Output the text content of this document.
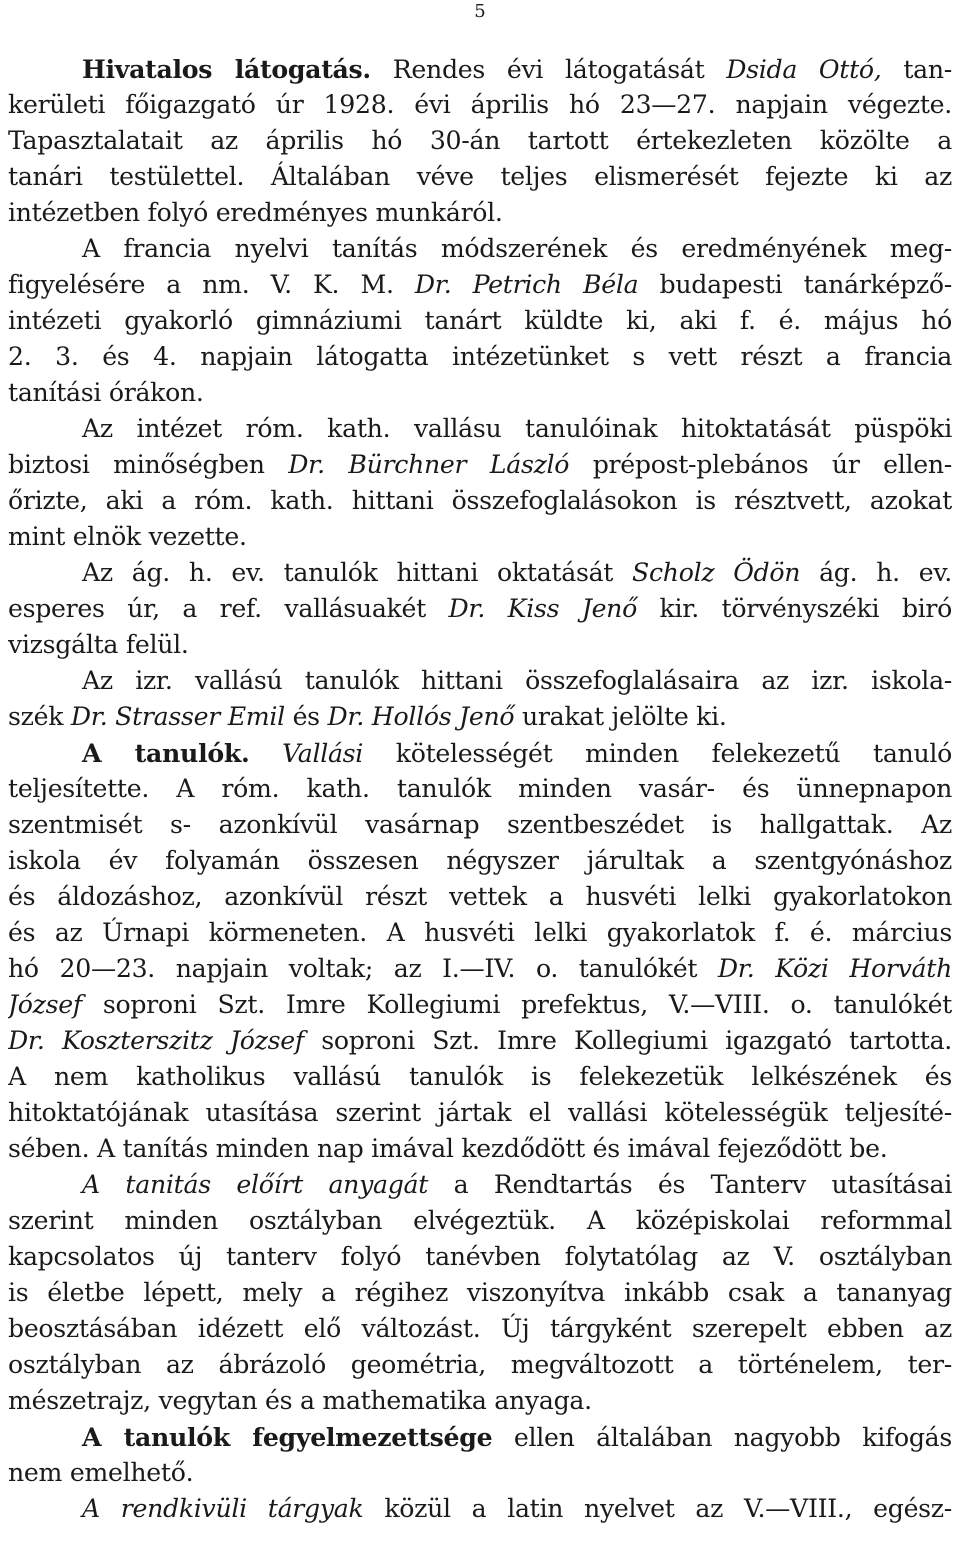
5
Hivatalos látogatás. Rendes évi látogatását Dsida Ottó, tan-
kerületi főigazgató úr 1928. évi április hó 23—27. napjain végezte.
Tapasztalatait az április hó 30-án tartott értekezleten közölte a
tanári testülettel. Általában véve teljes elismerését fejezte ki az
intézetben folyó eredményes munkáról.
A francia nyelvi tanítás módszerének és eredményének meg-
figyelésére a nm. V. K. M. Dr. Petrich Béla budapesti tanárképző-
intézeti gyakorló gimnáziumi tanárt küldte ki, aki f. é. május hó
2. 3. és 4. napjain látogatta intézetünket s vett részt a francia
tanítási órákon.
Az intézet róm. kath. vallásu tanulóinak hitoktatását püspöki
biztosi minőségben Dr. Bürchner László prépost-plebános úr ellen-
őrizte, aki a róm. kath. hittani összefoglalásokon is résztvett, azokat
mint elnök vezette.
Az ág. h. ev. tanulók hittani oktatását Scholz Ödön ág. h. ev.
esperes úr, a ref. vallásuakét Dr. Kiss Jenő kir. törvényszéki biró
vizsgálta felül.
Az izr. vallású tanulók hittani összefoglalásaira az izr. iskola-
szék Dr. Strasser Emil és Dr. Hollós Jenő urakat jelölte ki.
A tanulók. Vallási kötelességét minden felekezetű tanuló
teljesítette. A róm. kath. tanulók minden vasár- és ünnepnapon
szentmisét s- azonkívül vasárnap szentbeszédet is hallgattak. Az
iskola év folyamán összesen négyszer járultak a szentgyónáshoz
és áldozáshoz, azonkívül részt vettek a husvéti lelki gyakorlatokon
és az Úrnapi körmeneten. A husvéti lelki gyakorlatok f. é. március
hó 20—23. napjain voltak; az I.—IV. o. tanulókét Dr. Közi Horváth
József soproni Szt. Imre Kollegiumi prefektus, V.—VIII. o. tanulókét
Dr. Koszterszitz József soproni Szt. Imre Kollegiumi igazgató tartotta.
A nem katholikus vallású tanulók is felekezetük lelkészének és
hitoktatójának utasítása szerint jártak el vallási kötelességük teljesíté-
sében. A tanítás minden nap imával kezdődött és imával fejeződött be.
A tanitás előírt anyagát a Rendtartás és Tanterv utasításai
szerint minden osztályban elvégeztük. A középiskolai reformmal
kapcsolatos új tanterv folyó tanévben folytatólag az V. osztályban
is életbe lépett, mely a régihez viszonyítva inkább csak a tananyag
beosztásában idézett elő változást. Új tárgyként szerepelt ebben az
osztályban az ábrázoló geométria, megváltozott a történelem, ter-
mészetrajz, vegytan és a mathematika anyaga.
A tanulók fegyelmezettsége ellen általában nagyobb kifogás
nem emelhető.
A rendkivüli tárgyak közül a latin nyelvet az V.—VIII., egész-
